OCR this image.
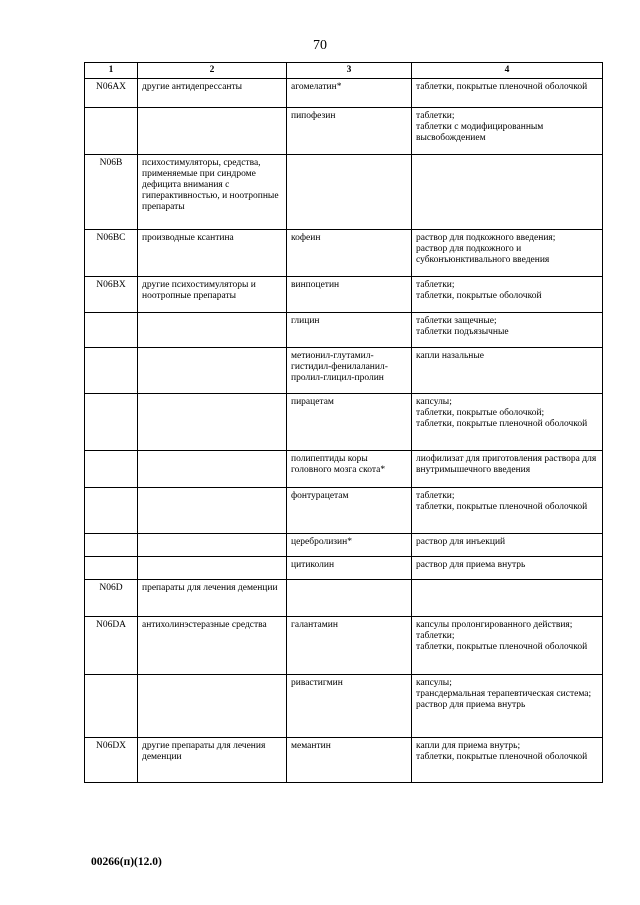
70
1	2	3	4
N06AX	другие антидепрессанты	агомелатин*	таблетки, покрытые пленочной оболочкой
		пипофезин	таблетки;
таблетки с модифицированным высвобождением
N06B	психостимуляторы, средства, применяемые при синдроме дефицита внимания с гиперактивностью, и ноотропные препараты		
N06BC	производные ксантина	кофеин	раствор для подкожного введения;
раствор для подкожного и субконъюнктивального введения
N06BX	другие психостимуляторы и ноотропные препараты	винпоцетин	таблетки;
таблетки, покрытые оболочкой
		глицин	таблетки защечные;
таблетки подъязычные
		метионил-глутамил-гистидил-фенилаланил-пролил-глицил-пролин	капли назальные
		пирацетам	капсулы;
таблетки, покрытые оболочкой;
таблетки, покрытые пленочной оболочкой
		полипептиды коры головного мозга скота*	лиофилизат для приготовления раствора для внутримышечного введения
		фонтурацетам	таблетки;
таблетки, покрытые пленочной оболочкой
		церебролизин*	раствор для инъекций
		цитиколин	раствор для приема внутрь
N06D	препараты для лечения деменции		
N06DA	антихолинэстеразные средства	галантамин	капсулы пролонгированного действия;
таблетки;
таблетки, покрытые пленочной оболочкой
		ривастигмин	капсулы;
трансдермальная терапевтическая система;
раствор для приема внутрь
N06DX	другие препараты для лечения деменции	мемантин	капли для приема внутрь;
таблетки, покрытые пленочной оболочкой
00266(п)(12.0)
